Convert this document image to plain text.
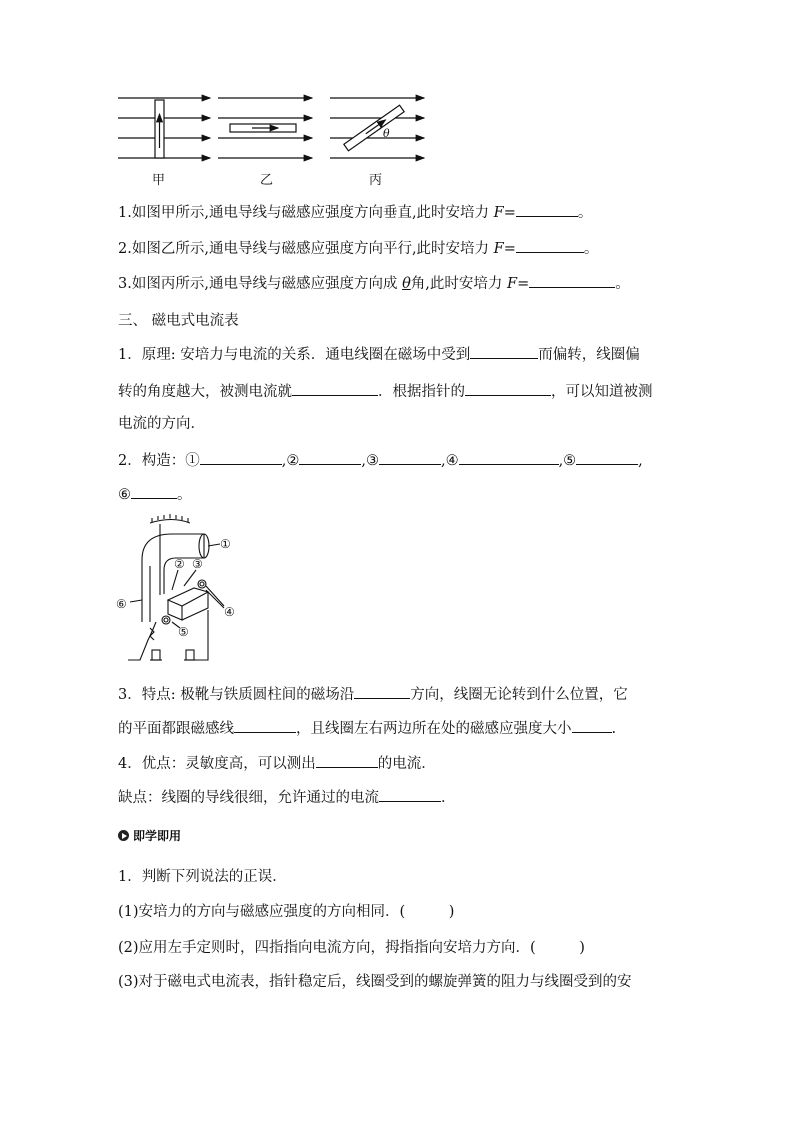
θ
甲	乙	丙
1.如图甲所示,通电导线与磁感应强度方向垂直,此时安培力 F=	。
2.如图乙所示,通电导线与磁感应强度方向平行,此时安培力 F=	。
3.如图丙所示,通电导线与磁感应强度方向成 θ角,此时安培力 F=	。
三、 磁电式电流表
1．原理: 安培力与电流的关系．通电线圈在磁场中受到	而偏转，线圈偏
转的角度越大，被测电流就	．根据指针的	，可以知道被测
电流的方向．
2．构造：①	,②	,③	,④	,⑤	,
⑥	。
①
② ③
④
⑤
⑥
3．特点: 极靴与铁质圆柱间的磁场沿	方向，线圈无论转到什么位置，它
的平面都跟磁感线	，且线圈左右两边所在处的磁感应强度大小	.
4．优点：灵敏度高，可以测出	的电流．
缺点：线圈的导线很细，允许通过的电流	．
即学即用
1．判断下列说法的正误．
(1)安培力的方向与磁感应强度的方向相同．(　　　)
(2)应用左手定则时，四指指向电流方向，拇指指向安培力方向．(　　　)
(3)对于磁电式电流表，指针稳定后，线圈受到的螺旋弹簧的阻力与线圈受到的安
